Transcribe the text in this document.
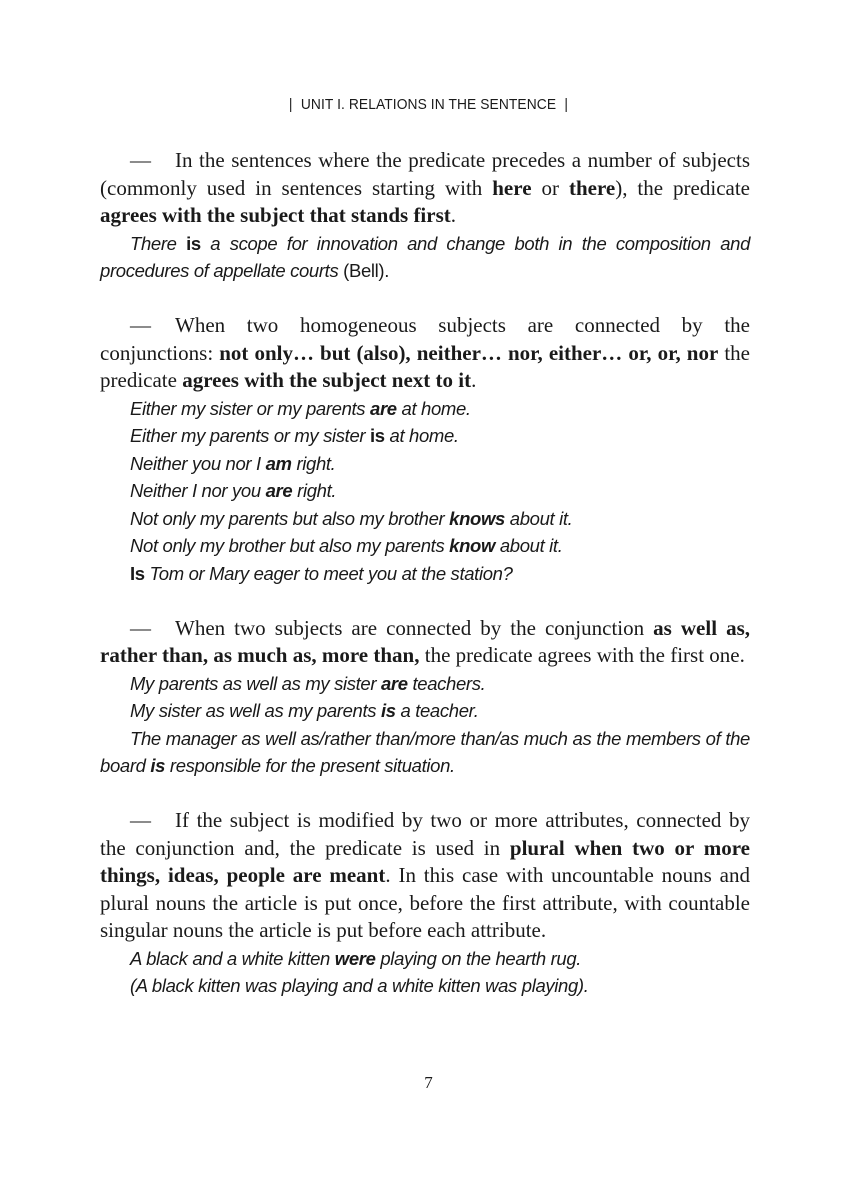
| UNIT I. RELATIONS IN THE SENTENCE |

— In the sentences where the predicate precedes a number of subjects (commonly used in sentences starting with here or there), the predicate agrees with the subject that stands first.

There is a scope for innovation and change both in the composition and procedures of appellate courts (Bell).

— When two homogeneous subjects are connected by the conjunctions: not only… but (also), neither… nor, either… or, or, nor the predicate agrees with the subject next to it.

Either my sister or my parents are at home.

Either my parents or my sister is at home.

Neither you nor I am right.

Neither I nor you are right.

Not only my parents but also my brother knows about it.

Not only my brother but also my parents know about it.

Is Tom or Mary eager to meet you at the station?

— When two subjects are connected by the conjunction as well as, rather than, as much as, more than, the predicate agrees with the first one.

My parents as well as my sister are teachers.

My sister as well as my parents is a teacher.

The manager as well as/rather than/more than/as much as the members of the board is responsible for the present situation.

— If the subject is modified by two or more attributes, connected by the conjunction and, the predicate is used in plural when two or more things, ideas, people are meant. In this case with uncountable nouns and plural nouns the article is put once, before the first attribute, with countable singular nouns the article is put before each attribute.

A black and a white kitten were playing on the hearth rug.

(A black kitten was playing and a white kitten was playing).

7
